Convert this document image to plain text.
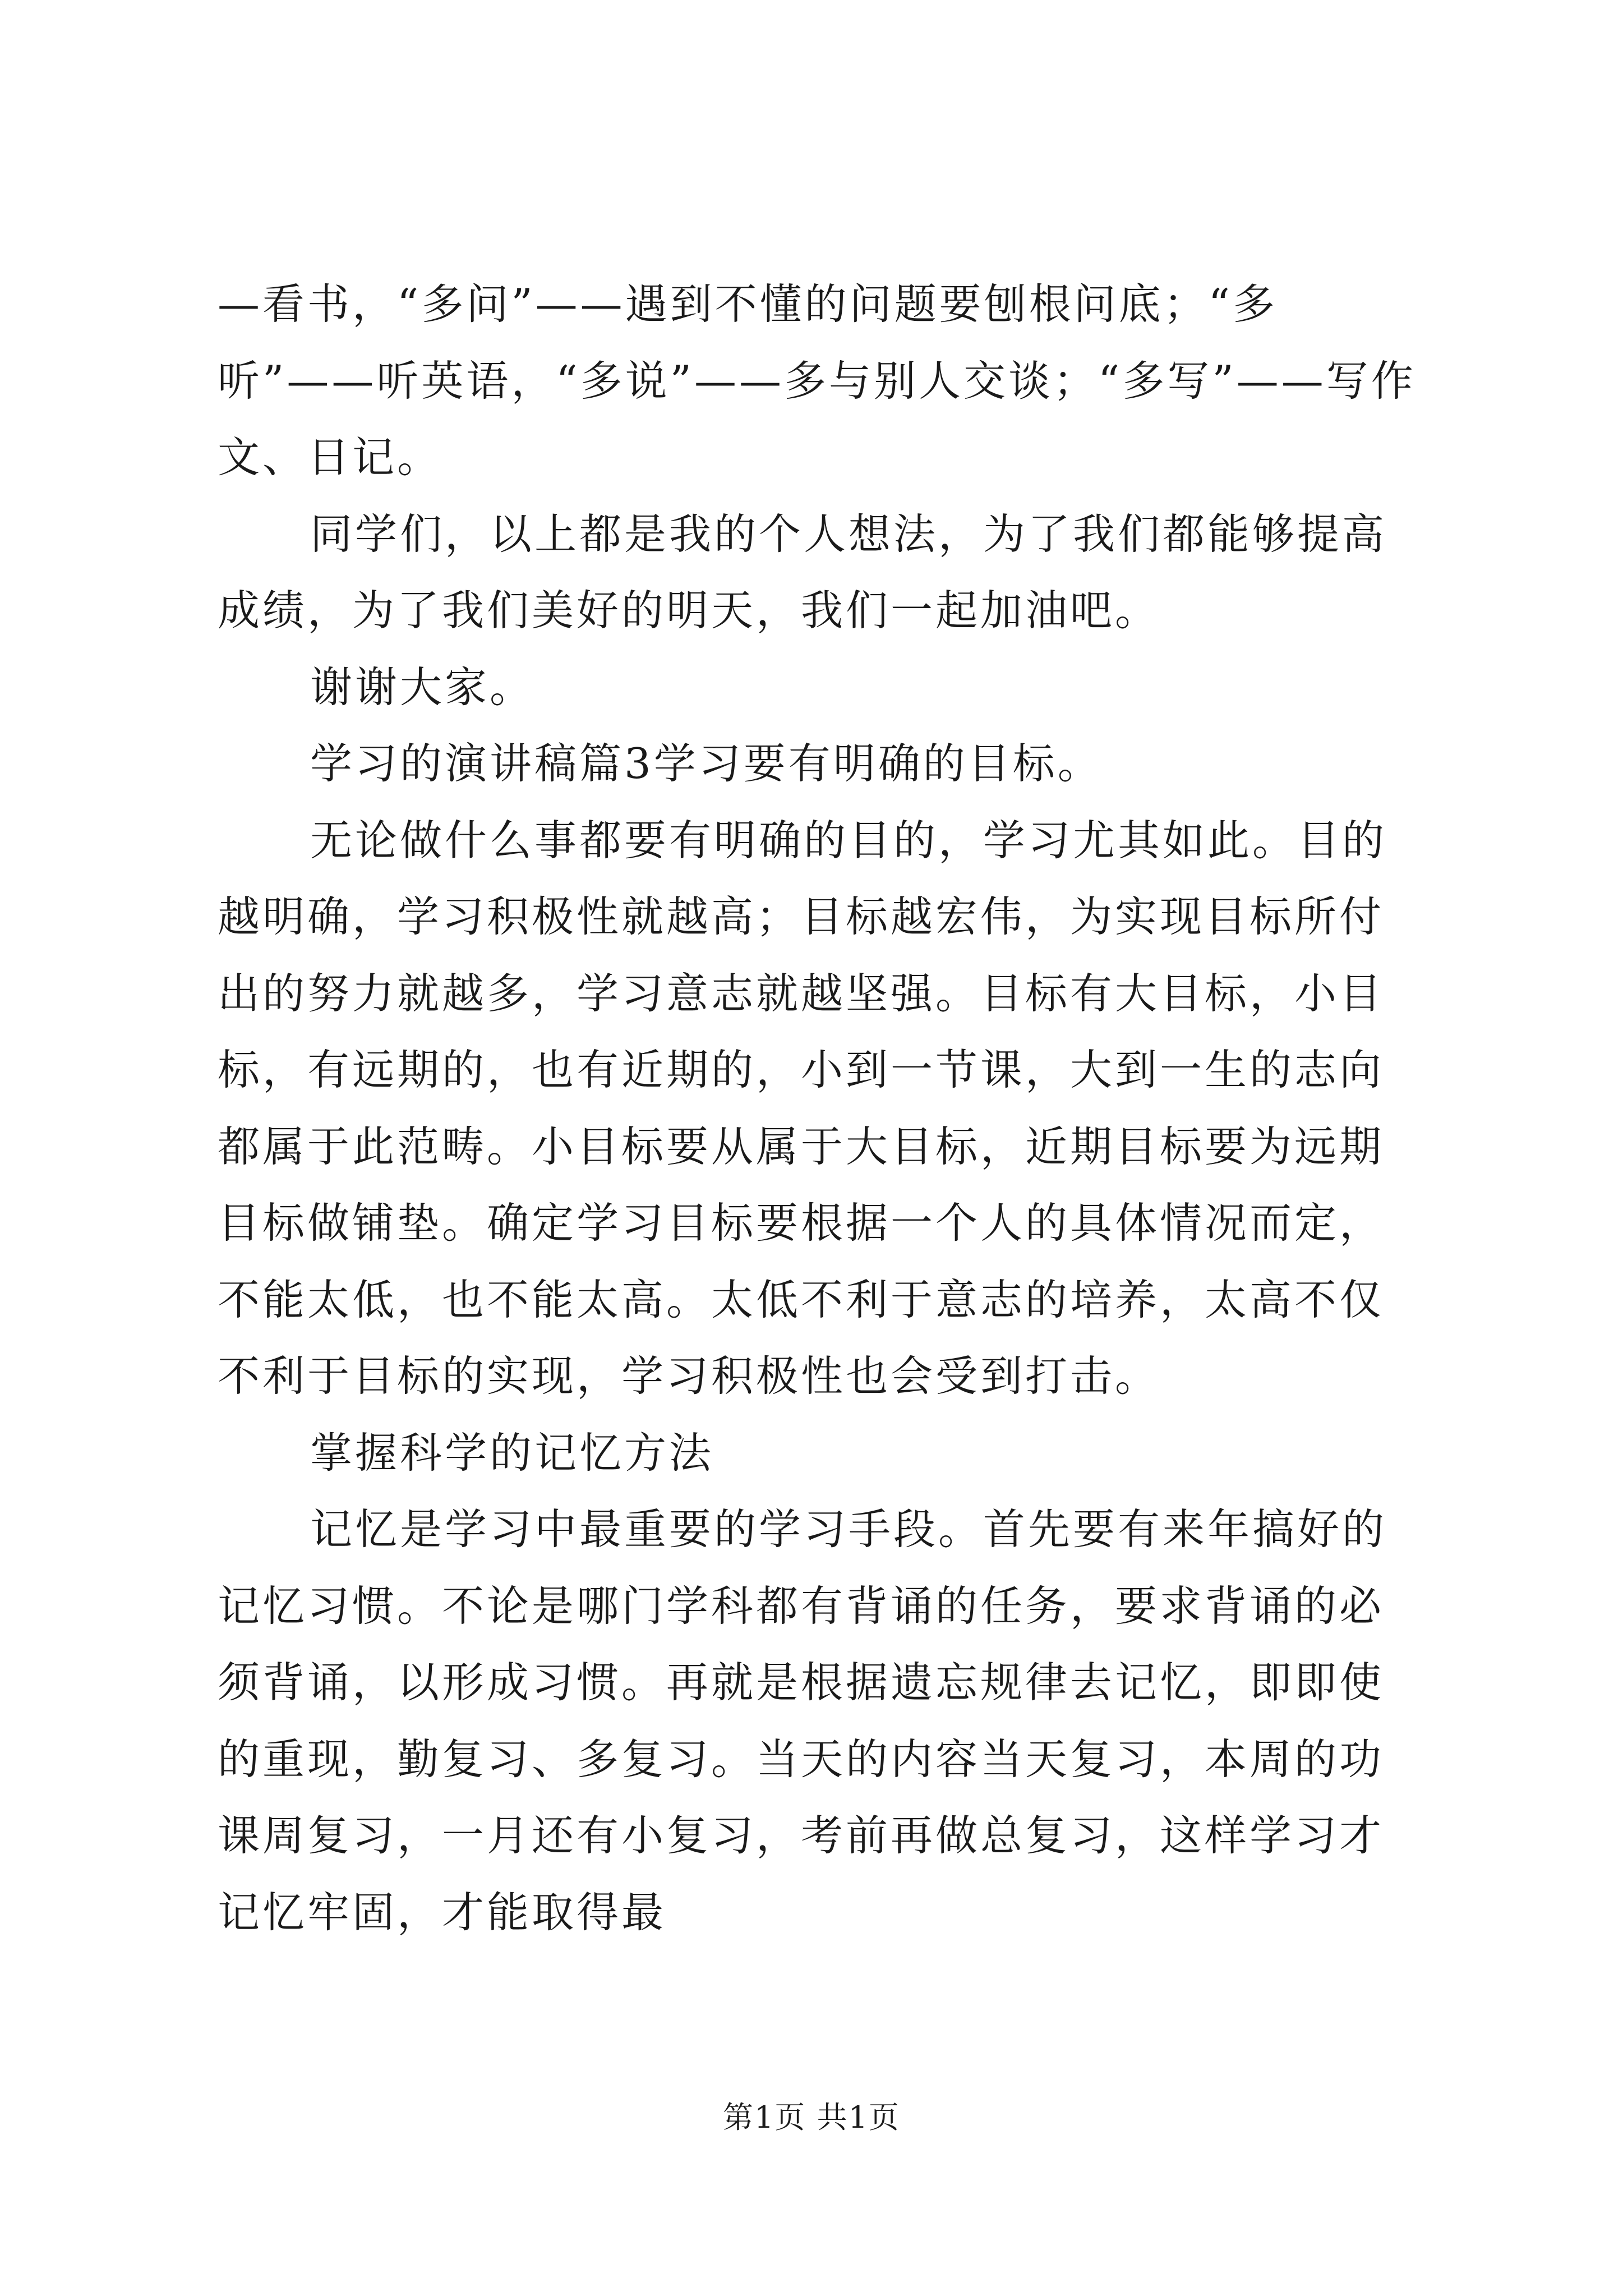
—看书，“多问”——遇到不懂的问题要刨根问底；“多听”——听英语，“多说”——多与别人交谈；“多写”——写作文、日记。

同学们，以上都是我的个人想法，为了我们都能够提高成绩，为了我们美好的明天，我们一起加油吧。

谢谢大家。

学习的演讲稿篇3学习要有明确的目标。

无论做什么事都要有明确的目的，学习尤其如此。目的越明确，学习积极性就越高；目标越宏伟，为实现目标所付出的努力就越多，学习意志就越坚强。目标有大目标，小目标，有远期的，也有近期的，小到一节课，大到一生的志向都属于此范畴。小目标要从属于大目标，近期目标要为远期目标做铺垫。确定学习目标要根据一个人的具体情况而定，不能太低，也不能太高。太低不利于意志的培养，太高不仅不利于目标的实现，学习积极性也会受到打击。

掌握科学的记忆方法

记忆是学习中最重要的学习手段。首先要有来年搞好的记忆习惯。不论是哪门学科都有背诵的任务，要求背诵的必须背诵，以形成习惯。再就是根据遗忘规律去记忆，即即使的重现，勤复习、多复习。当天的内容当天复习，本周的功课周复习，一月还有小复习，考前再做总复习，这样学习才记忆牢固，才能取得最

第1页 共1页
